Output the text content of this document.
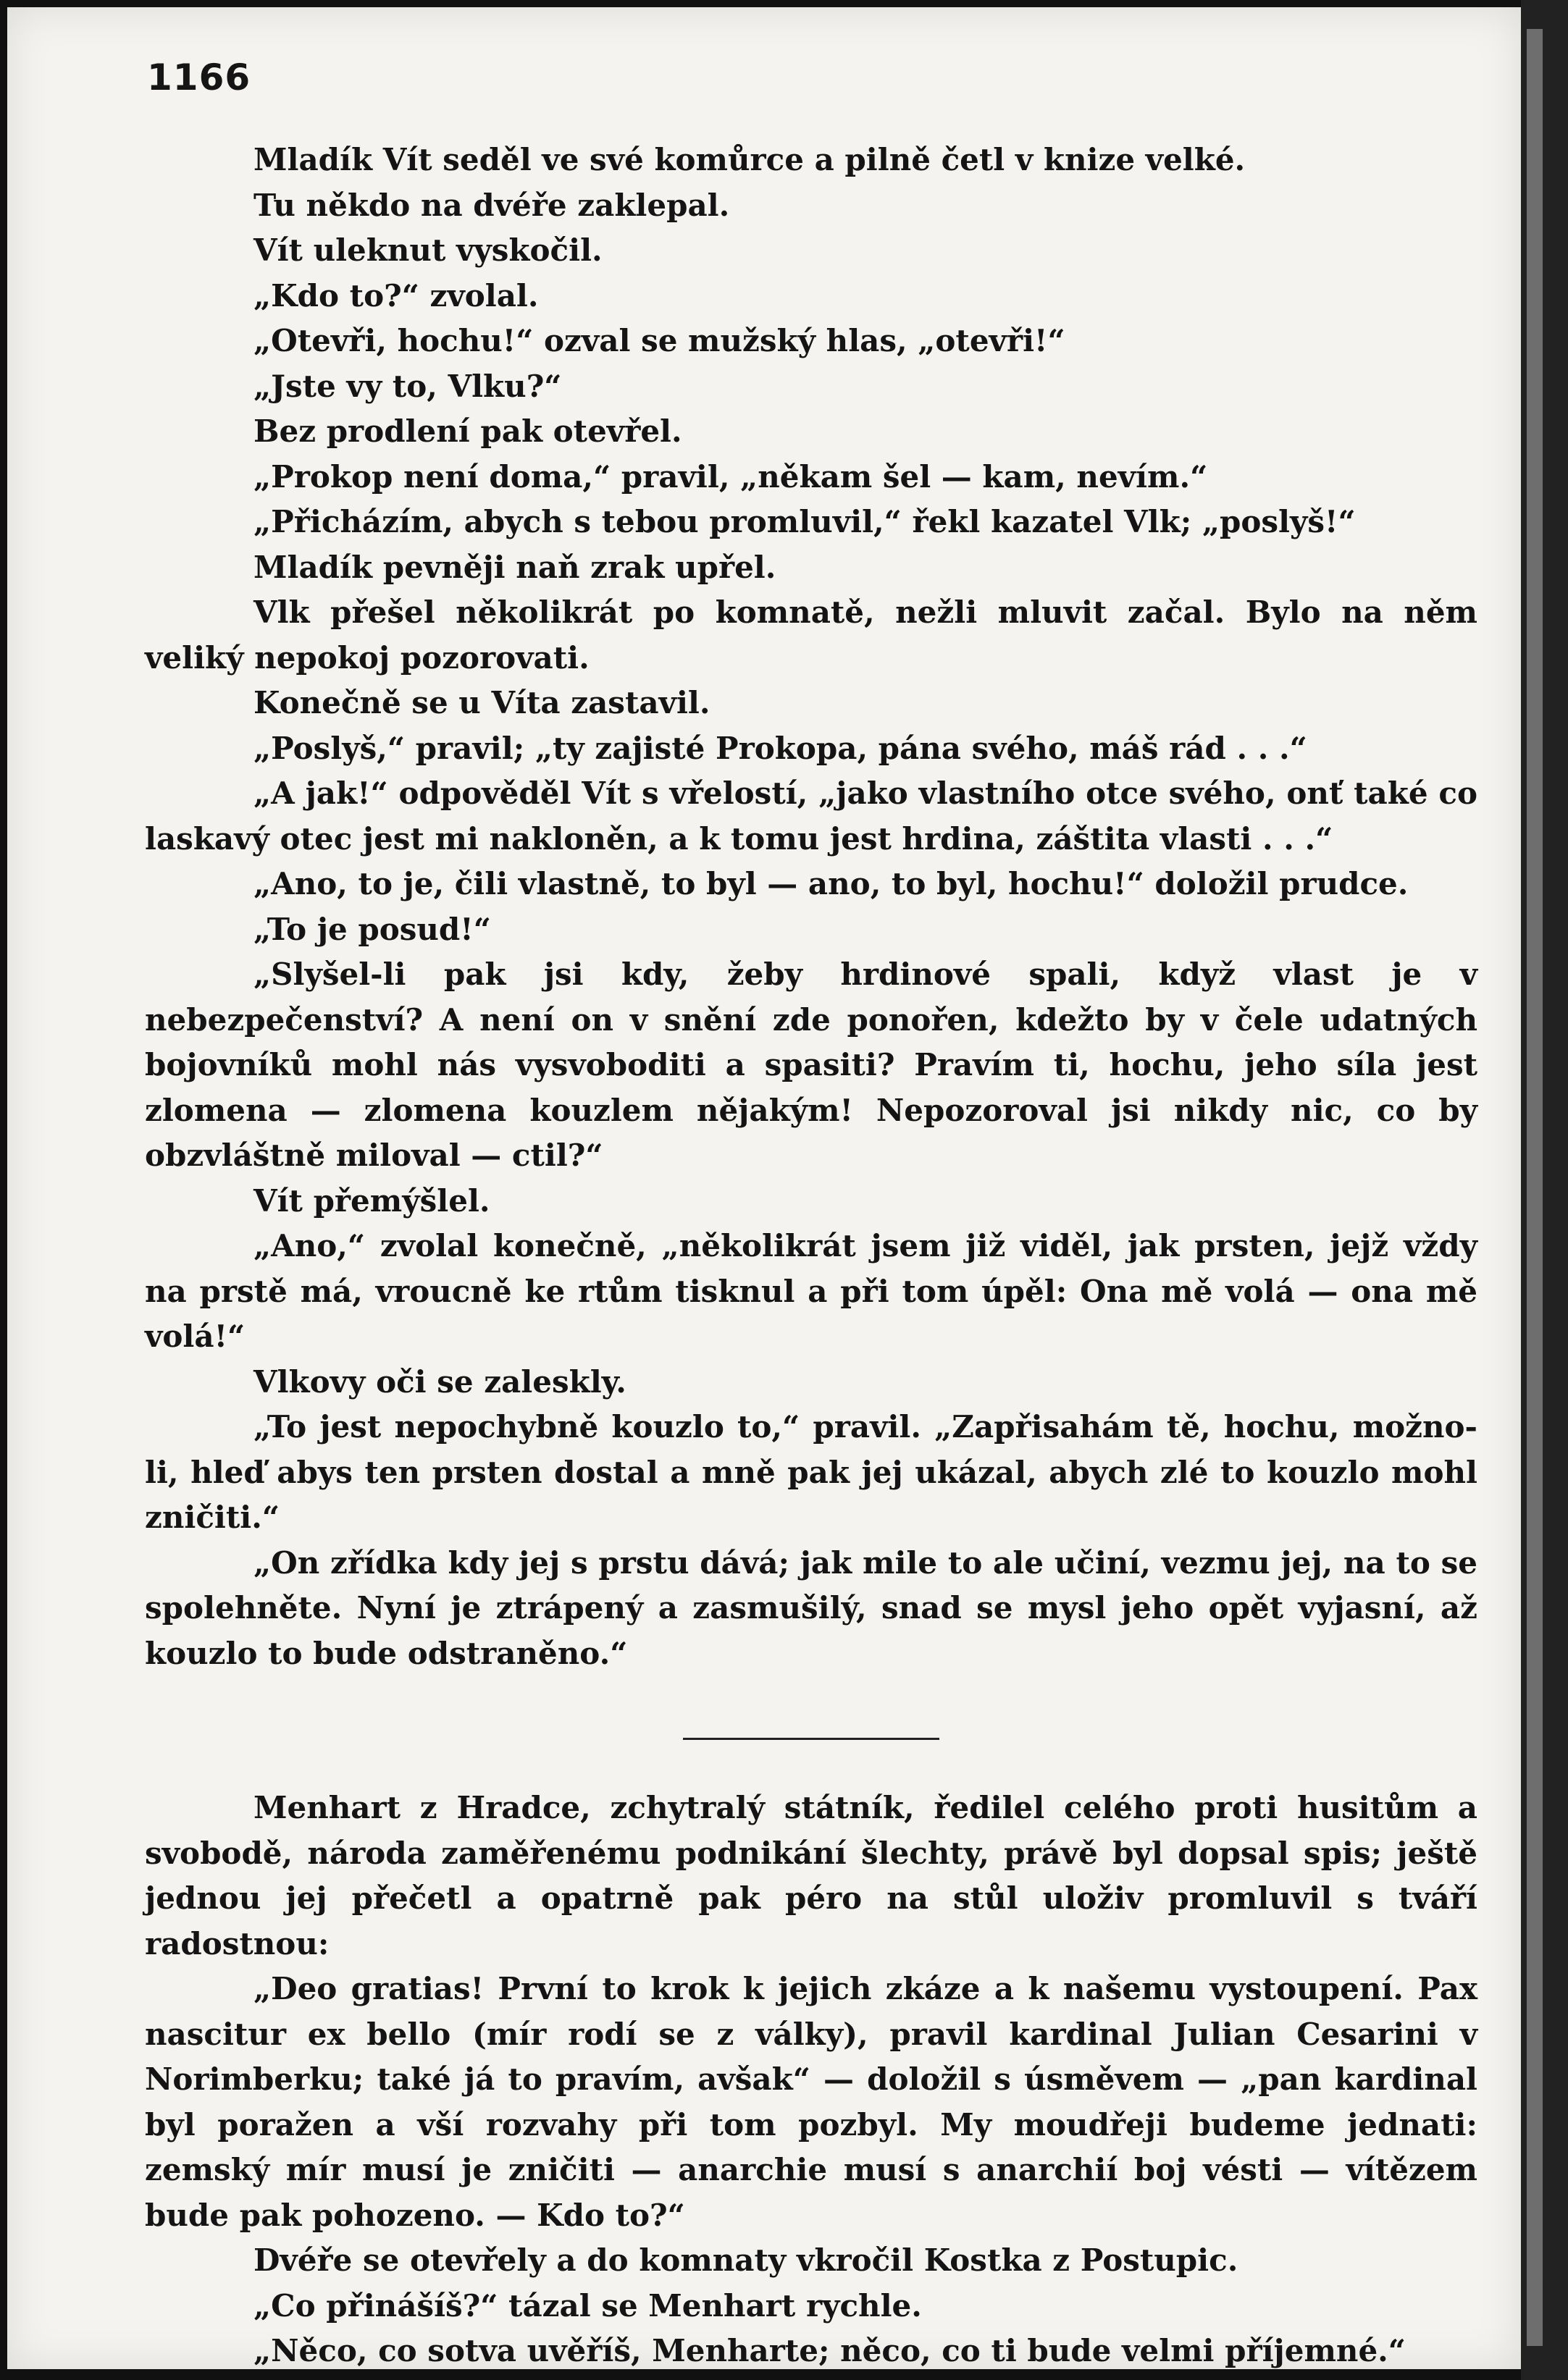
1166

Mladík Vít seděl ve své komůrce a pilně četl v knize velké.

Tu někdo na dvéře zaklepal.

Vít uleknut vyskočil.

„Kdo to?“ zvolal.

„Otevři, hochu!“ ozval se mužský hlas, „otevři!“

„Jste vy to, Vlku?“

Bez prodlení pak otevřel.

„Prokop není doma,“ pravil, „někam šel — kam, nevím.“

„Přicházím, abych s tebou promluvil,“ řekl kazatel Vlk; „poslyš!“

Mladík pevněji naň zrak upřel.

Vlk přešel několikrát po komnatě, nežli mluvit začal. Bylo na něm veliký nepokoj pozorovati.

Konečně se u Víta zastavil.

„Poslyš,“ pravil; „ty zajisté Prokopa, pána svého, máš rád . . .“

„A jak!“ odpověděl Vít s vřelostí, „jako vlastního otce svého, onť také co laskavý otec jest mi nakloněn, a k tomu jest hrdina, záštita vlasti . . .“

„Ano, to je, čili vlastně, to byl — ano, to byl, hochu!“ doložil prudce.

„To je posud!“

„Slyšel-li pak jsi kdy, žeby hrdinové spali, když vlast je v nebezpečenství? A není on v snění zde ponořen, kdežto by v čele udatných bojovníků mohl nás vysvoboditi a spasiti? Pravím ti, hochu, jeho síla jest zlomena — zlomena kouzlem nějakým! Nepozoroval jsi nikdy nic, co by obzvláštně miloval — ctil?“

Vít přemýšlel.

„Ano,“ zvolal konečně, „několikrát jsem již viděl, jak prsten, jejž vždy na prstě má, vroucně ke rtům tisknul a při tom úpěl: Ona mě volá — ona mě volá!“

Vlkovy oči se zaleskly.

„To jest nepochybně kouzlo to,“ pravil. „Zapřisahám tě, hochu, možno-li, hleď abys ten prsten dostal a mně pak jej ukázal, abych zlé to kouzlo mohl zničiti.“

„On zřídka kdy jej s prstu dává; jak mile to ale učiní, vezmu jej, na to se spolehněte. Nyní je ztrápený a zasmušilý, snad se mysl jeho opět vyjasní, až kouzlo to bude odstraněno.“

Menhart z Hradce, zchytralý státník, ředilel celého proti husitům a svobodě, národa zaměřenému podnikání šlechty, právě byl dopsal spis; ještě jednou jej přečetl a opatrně pak péro na stůl uloživ promluvil s tváří radostnou:

„Deo gratias! První to krok k jejich zkáze a k našemu vystoupení. Pax nascitur ex bello (mír rodí se z války), pravil kardinal Julian Cesarini v Norimberku; také já to pravím, avšak“ — doložil s úsměvem — „pan kardinal byl poražen a vší rozvahy při tom pozbyl. My moudřeji budeme jednati: zemský mír musí je zničiti — anarchie musí s anarchií boj vésti — vítězem bude pak pohozeno. — Kdo to?“

Dvéře se otevřely a do komnaty vkročil Kostka z Postupic.

„Co přinášíš?“ tázal se Menhart rychle.

„Něco, co sotva uvěříš, Menharte; něco, co ti bude velmi příjemné.“
